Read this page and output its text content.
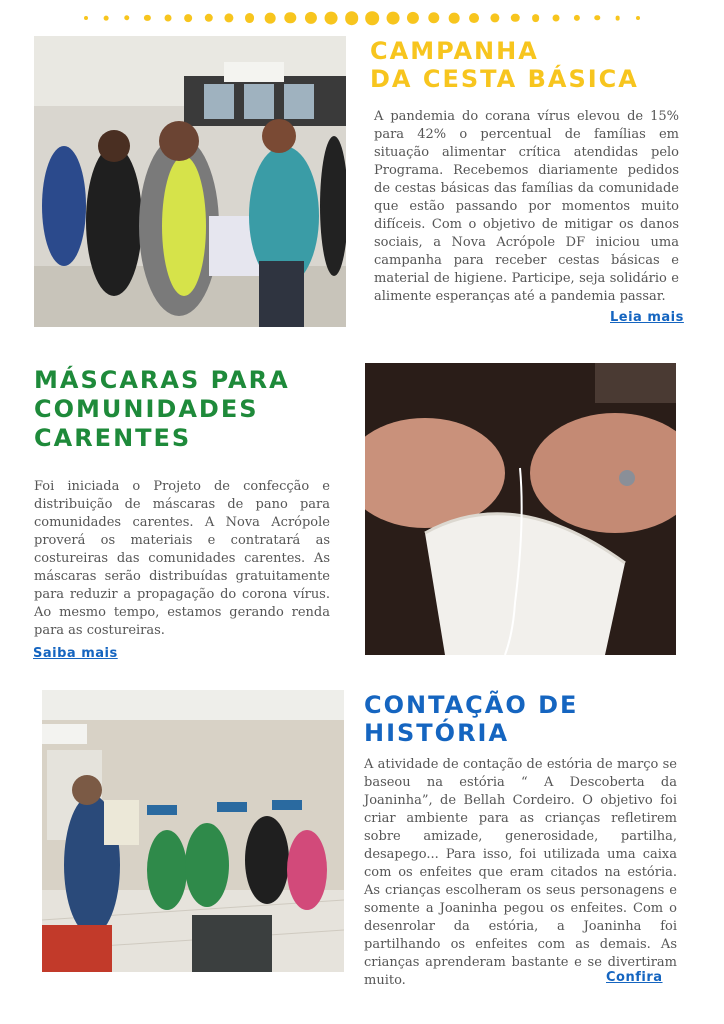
CAMPANHA
DA CESTA BÁSICA

A pandemia do corana vírus elevou de 15% para 42% o percentual de famílias em situação alimentar crítica atendidas pelo Programa. Recebemos diariamente pedidos de cestas básicas das famílias da comunidade que estão passando por momentos muito difíceis. Com o objetivo de mitigar os danos sociais, a Nova Acrópole DF iniciou uma campanha para receber cestas básicas e material de higiene. Participe, seja solidário e alimente esperanças até a pandemia passar.

Leia mais
MÁSCARAS PARA
COMUNIDADES
CARENTES

Foi iniciada o Projeto de confecção e distribuição de máscaras de pano para comunidades carentes. A Nova Acrópole proverá os materiais e contratará as costureiras das comunidades carentes. As máscaras serão distribuídas gratuitamente para reduzir a propagação do corona vírus. Ao mesmo tempo, estamos gerando renda para as costureiras.

Saiba mais
CONTAÇÃO DE
HISTÓRIA

A atividade de contação de estória de março se baseou na estória “ A Descoberta da Joaninha”, de Bellah Cordeiro. O objetivo foi criar ambiente para as crianças refletirem sobre amizade, generosidade, partilha, desapego... Para isso, foi utilizada uma caixa com os enfeites que eram citados na estória. As crianças escolheram os seus personagens e somente a Joaninha pegou os enfeites. Com o desenrolar da estória, a Joaninha foi partilhando os enfeites com as demais. As crianças aprenderam bastante e se divertiram muito.	Confira
